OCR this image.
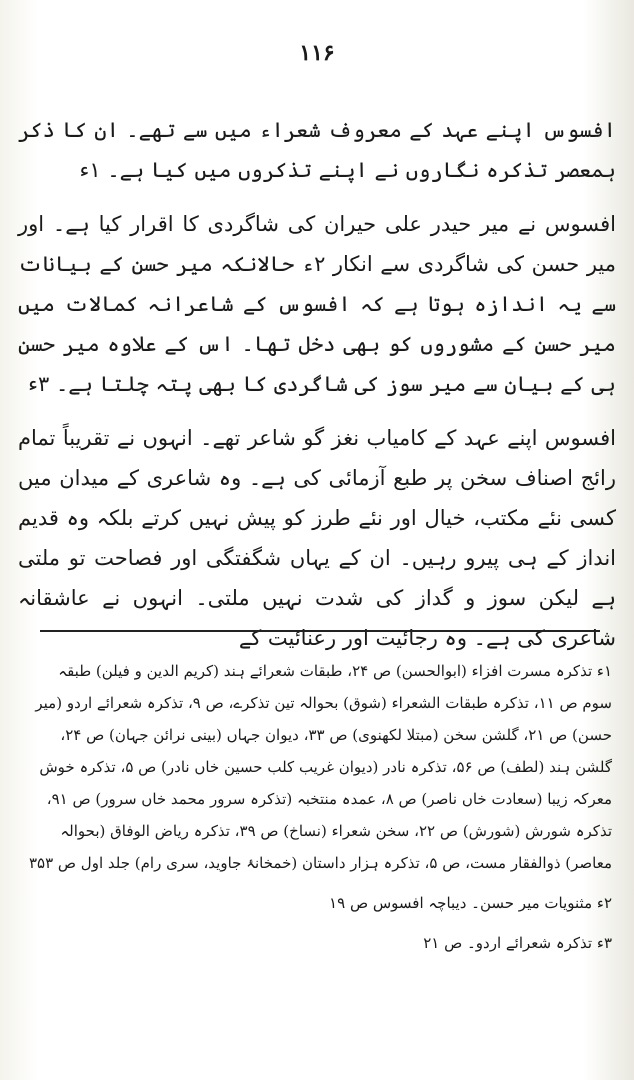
۱۱۶

افسوس اپنے عہد کے معروف شعراء میں سے تھے۔ ان کا ذکر ہمعصر تذکرہ نگاروں نے اپنے تذکروں میں کیا ہے۔ ۱ء

افسوس نے میر حیدر علی حیران کی شاگردی کا اقرار کیا ہے۔ اور میر حسن کی شاگردی سے انکار ۲ء حالانکہ میر حسن کے بیانات سے یہ اندازہ ہوتا ہے کہ افسوس کے شاعرانہ کمالات میں میر حسن کے مشوروں کو بھی دخل تھا۔ اس کے علاوہ میر حسن ہی کے بیان سے میر سوز کی شاگردی کا بھی پتہ چلتا ہے۔ ۳ء

افسوس اپنے عہد کے کامیاب نغز گو شاعر تھے۔ انہوں نے تقریباً تمام رائج اصناف سخن پر طبع آزمائی کی ہے۔ وہ شاعری کے میدان میں کسی نئے مکتب، خیال اور نئے طرز کو پیش نہیں کرتے بلکہ وہ قدیم انداز کے ہی پیرو رہیں۔ ان کے یہاں شگفتگی اور فصاحت تو ملتی ہے لیکن سوز و گداز کی شدت نہیں ملتی۔ انہوں نے عاشقانہ شاعری کی ہے۔ وہ رجائیت اور رعنائیت کے

۱ء تذکرہ مسرت افزاء (ابوالحسن) ص ۲۴، طبقات شعرائے ہند (کریم الدین و فیلن) طبقہ سوم ص ۱۱، تذکرہ طبقات الشعراء (شوق) بحوالہ تین تذکرے، ص ۹، تذکرہ شعرائے اردو (میر حسن) ص ۲۱، گلشن سخن (مبتلا لکھنوی) ص ۳۳، دیوان جہاں (بینی نرائن جہان) ص ۲۴، گلشن ہند (لطف) ص ۵۶، تذکرہ نادر (دیوان غریب کلب حسین خاں نادر) ص ۵، تذکرہ خوش معرکہ زیبا (سعادت خاں ناصر) ص ۸، عمدہ منتخبہ (تذکرہ سرور محمد خاں سرور) ص ۹۱، تذکرہ شورش (شورش) ص ۲۲، سخن شعراء (نساخ) ص ۳۹، تذکرہ ریاض الوفاق (بحوالہ معاصر) ذوالفقار مست، ص ۵، تذکرہ ہزار داستان (خمخانۂ جاوید، سری رام) جلد اول ص ۳۵۳

۲ء مثنویات میر حسن۔ دیباچہ افسوس ص ۱۹

۳ء تذکرہ شعرائے اردو۔ ص ۲۱
